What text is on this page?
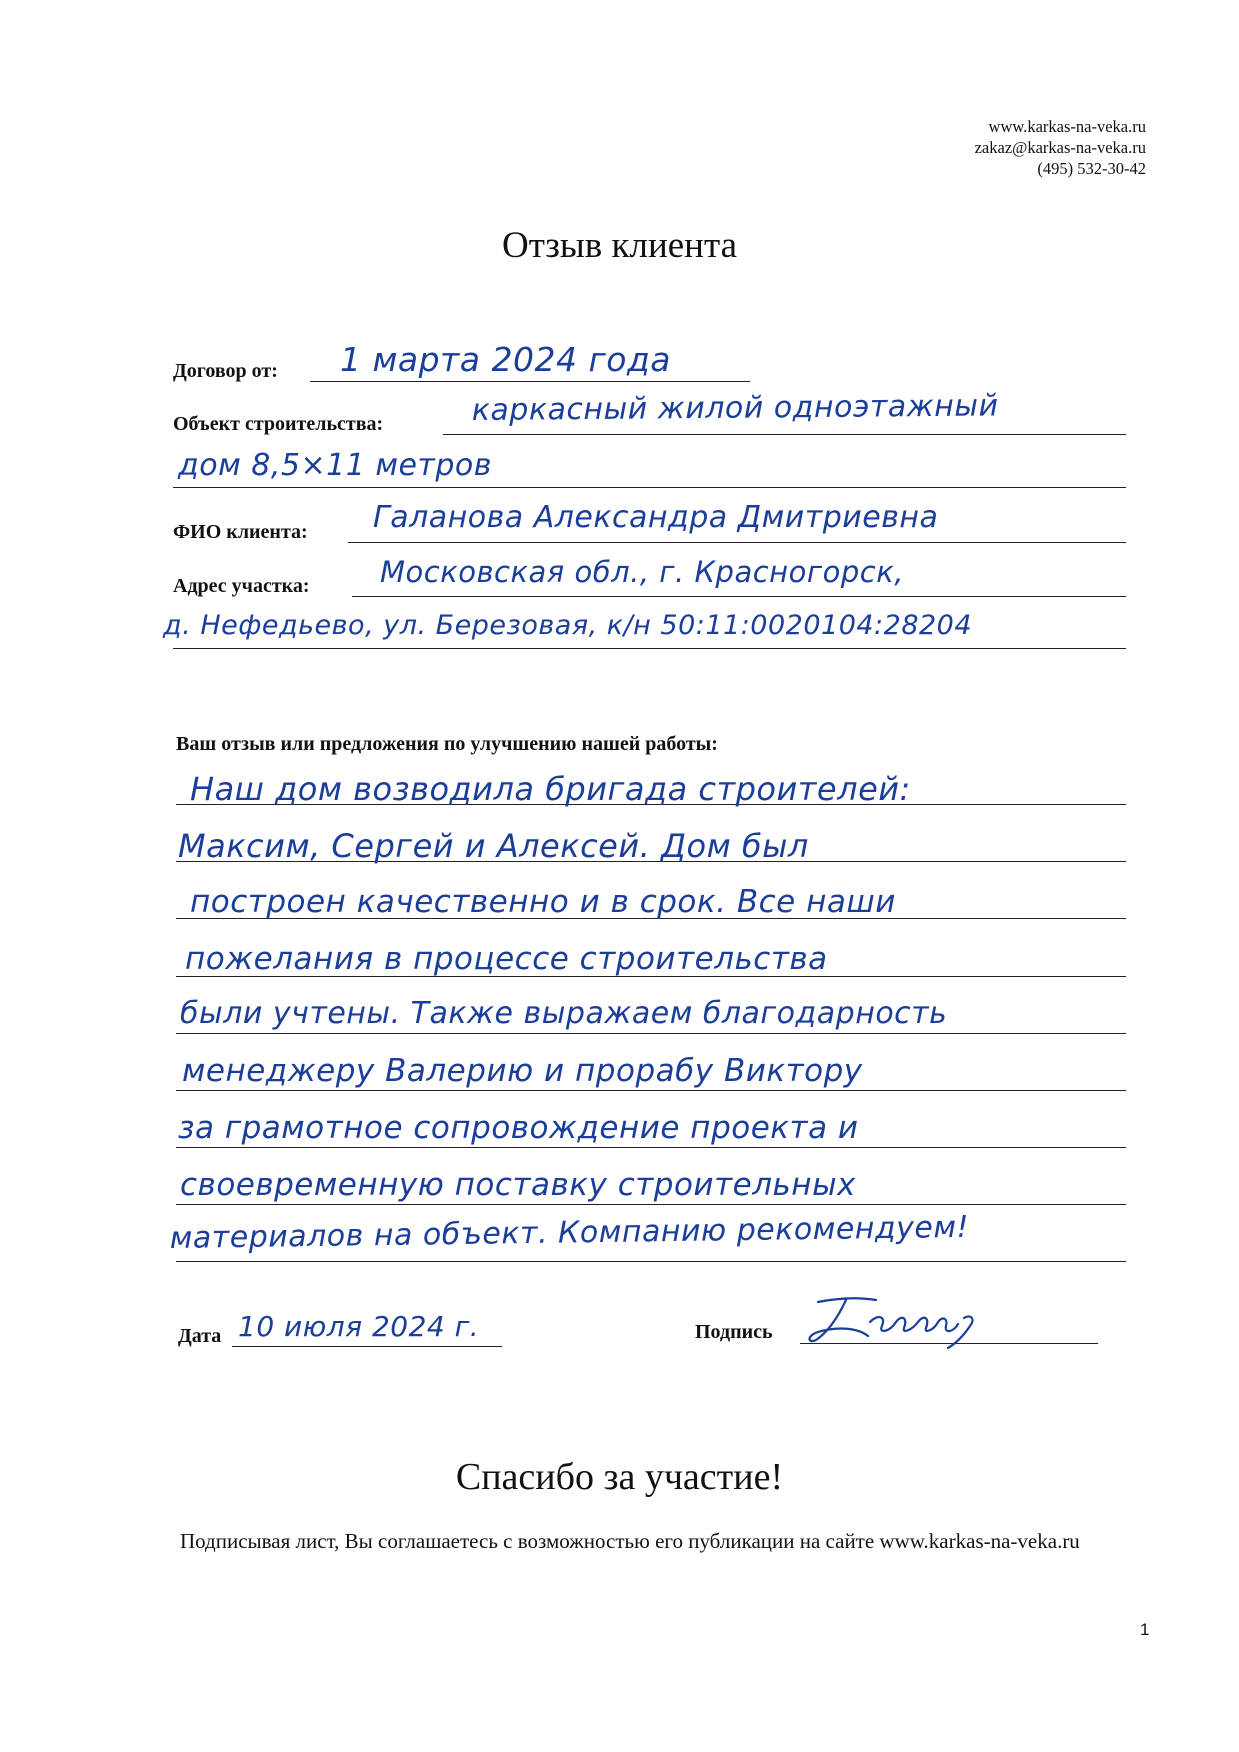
www.karkas-na-veka.ru
zakaz@karkas-na-veka.ru
(495) 532-30-42
Отзыв клиента
Договор от: 1 марта 2024 года
Объект строительства:	каркасный жилой одноэтажный
дом 8,5×11 метров
ФИО клиента: Галанова Александра Дмитриевна
Адрес участка: Московская обл., г. Красногорск,
д. Нефедьево, ул. Березовая, к/н 50:11:0020104:28204
Ваш отзыв или предложения по улучшению нашей работы:
Наш дом возводила бригада строителей:
Максим, Сергей и Алексей. Дом был
построен качественно и в срок. Все наши
пожелания в процессе строительства
были учтены. Также выражаем благодарность
менеджеру Валерию и прорабу Виктору
за грамотное сопровождение проекта и
своевременную поставку строительных
материалов на объект. Компанию рекомендуем!
Дата 10 июля 2024 г.	Подпись
Спасибо за участие!
Подписывая лист, Вы соглашаетесь с возможностью его публикации на сайте www.karkas-na-veka.ru
1
